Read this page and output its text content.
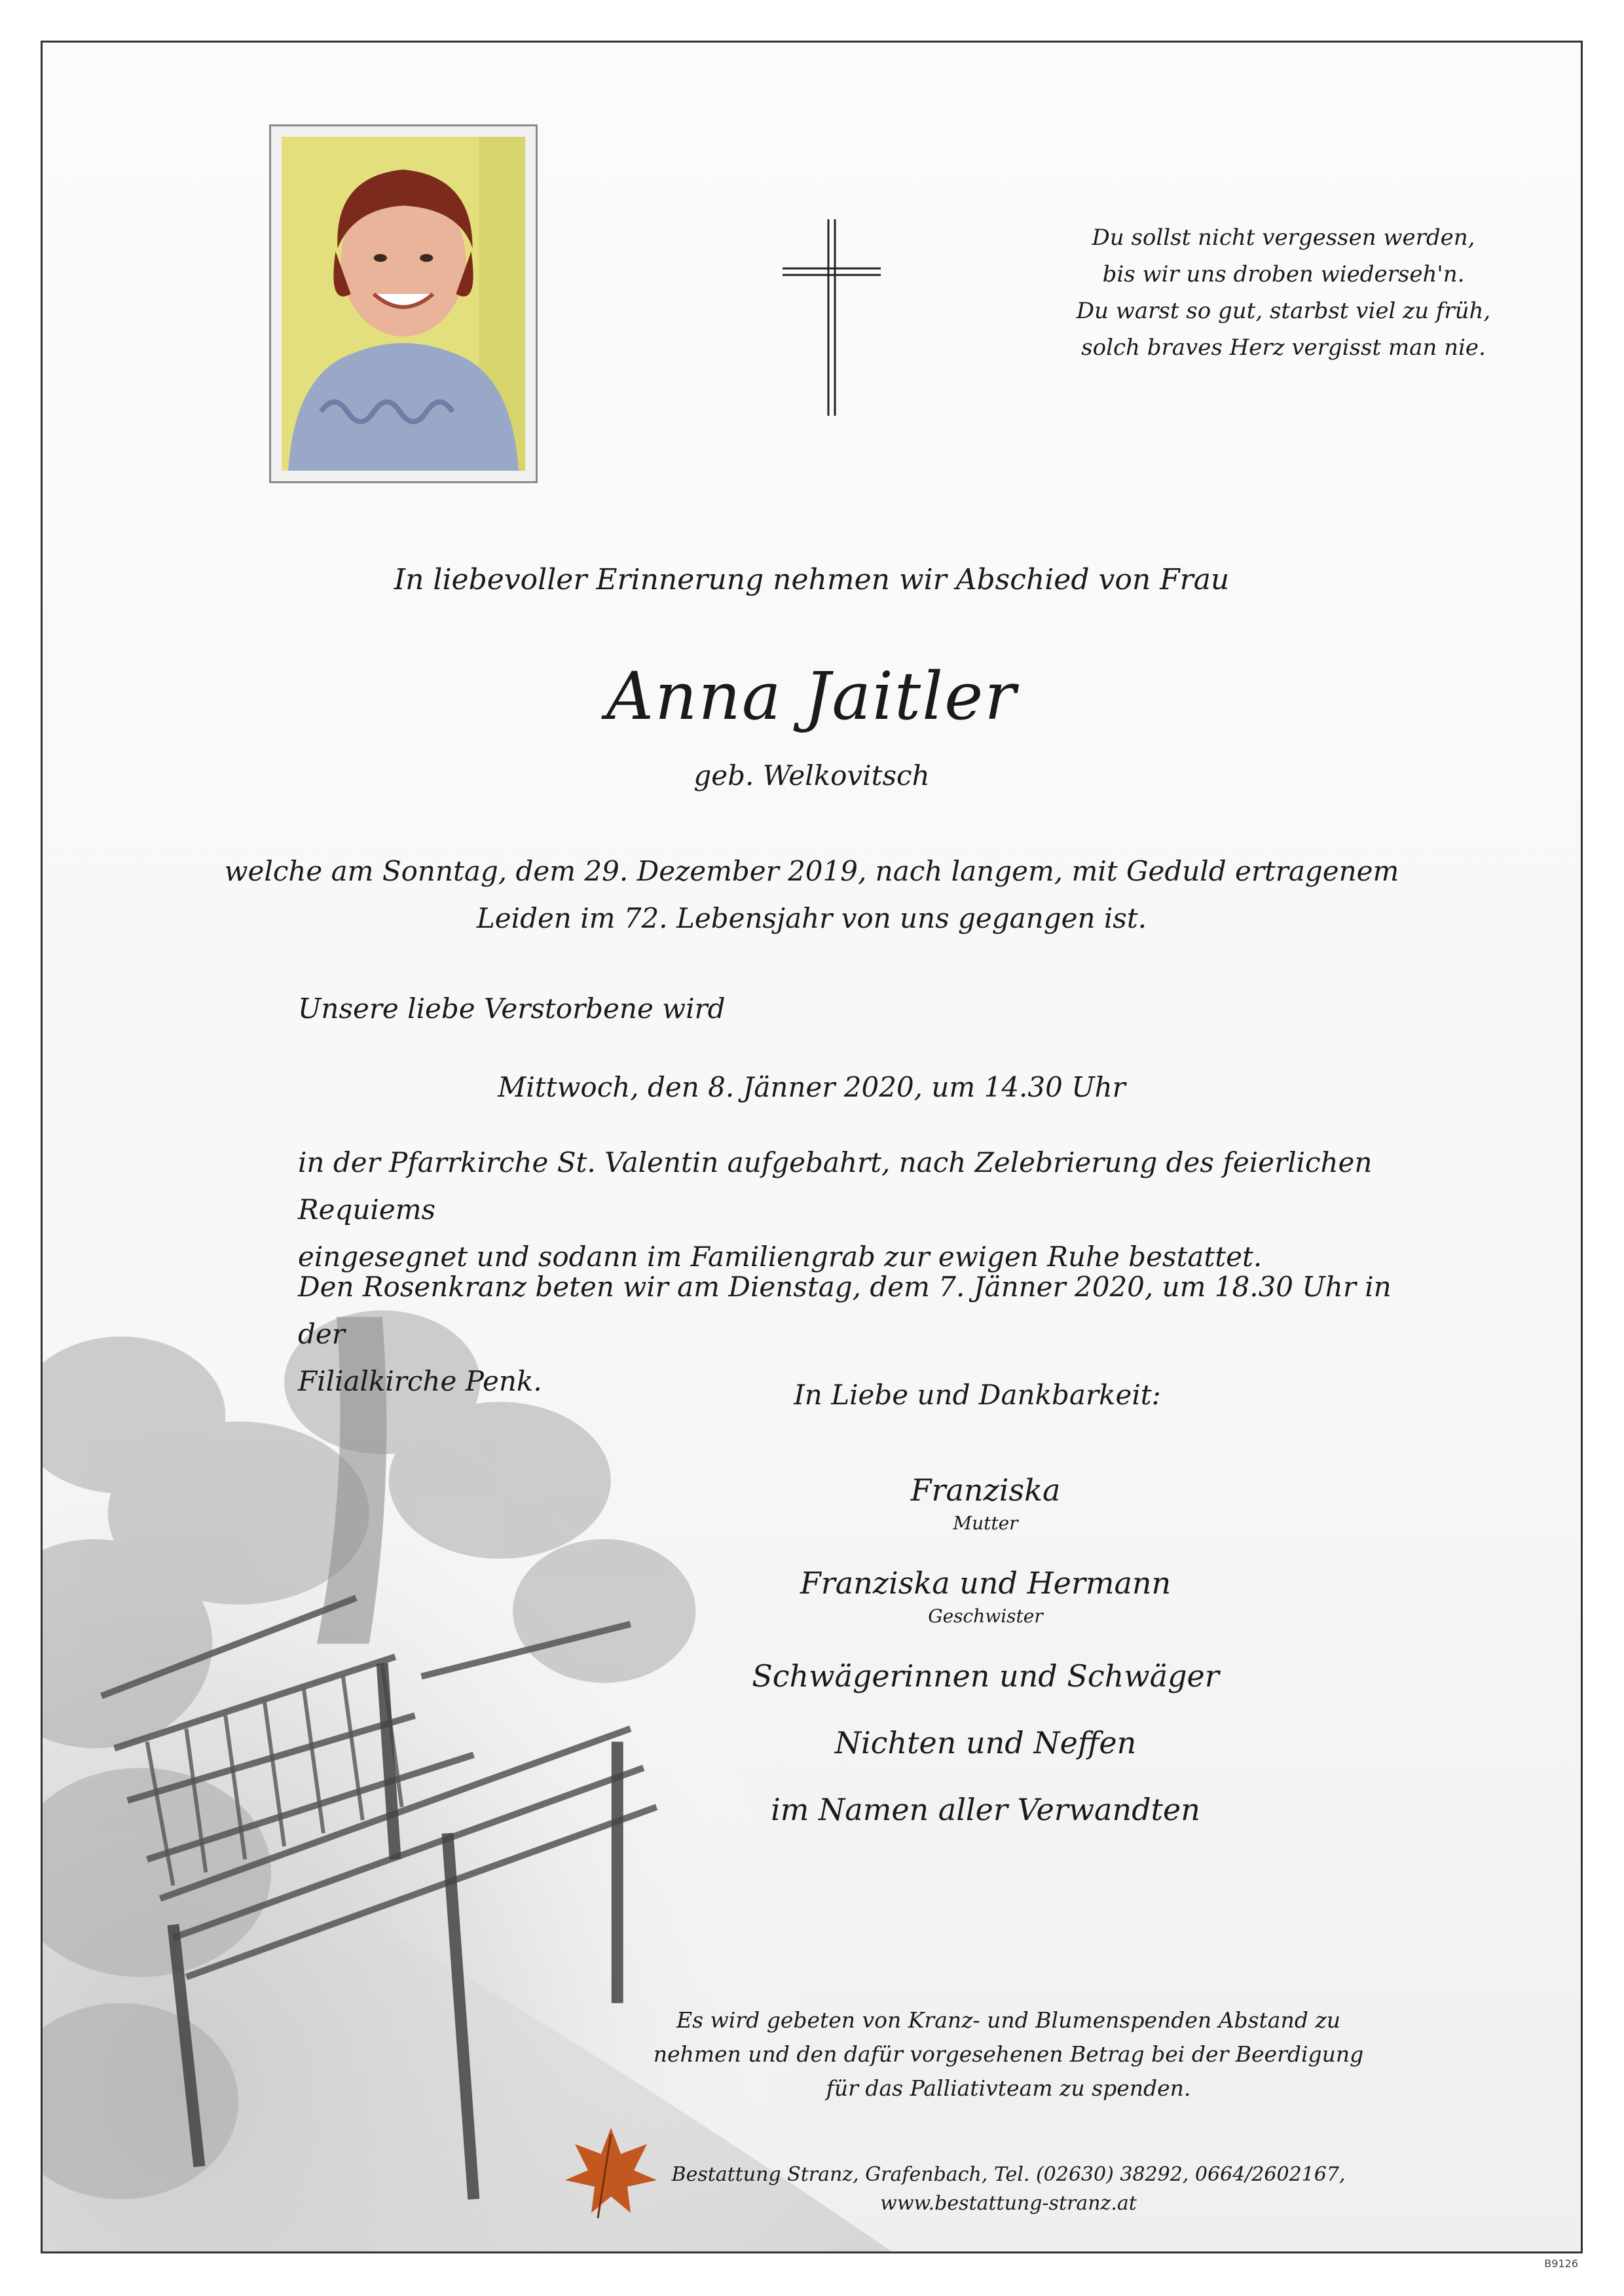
Du sollst nicht vergessen werden,
bis wir uns droben wiederseh'n.
Du warst so gut, starbst viel zu früh,
solch braves Herz vergisst man nie.
In liebevoller Erinnerung nehmen wir Abschied von Frau
Anna Jaitler
geb. Welkovitsch
welche am Sonntag, dem 29. Dezember 2019, nach langem, mit Geduld ertragenem
Leiden im 72. Lebensjahr von uns gegangen ist.
Unsere liebe Verstorbene wird
Mittwoch, den 8. Jänner 2020, um 14.30 Uhr
in der Pfarrkirche St. Valentin aufgebahrt, nach Zelebrierung des feierlichen Requiems
eingesegnet und sodann im Familiengrab zur ewigen Ruhe bestattet.
Den Rosenkranz beten wir am Dienstag, dem 7. Jänner 2020, um 18.30 Uhr in der
Filialkirche Penk.	In Liebe und Dankbarkeit:
Franziska
Mutter
Franziska und Hermann
Geschwister
Schwägerinnen und Schwäger
Nichten und Neffen
im Namen aller Verwandten
Es wird gebeten von Kranz- und Blumenspenden Abstand zu
nehmen und den dafür vorgesehenen Betrag bei der Beerdigung
für das Palliativteam zu spenden.
Bestattung Stranz, Grafenbach, Tel. (02630) 38292, 0664/2602167,
www.bestattung-stranz.at
B9126
